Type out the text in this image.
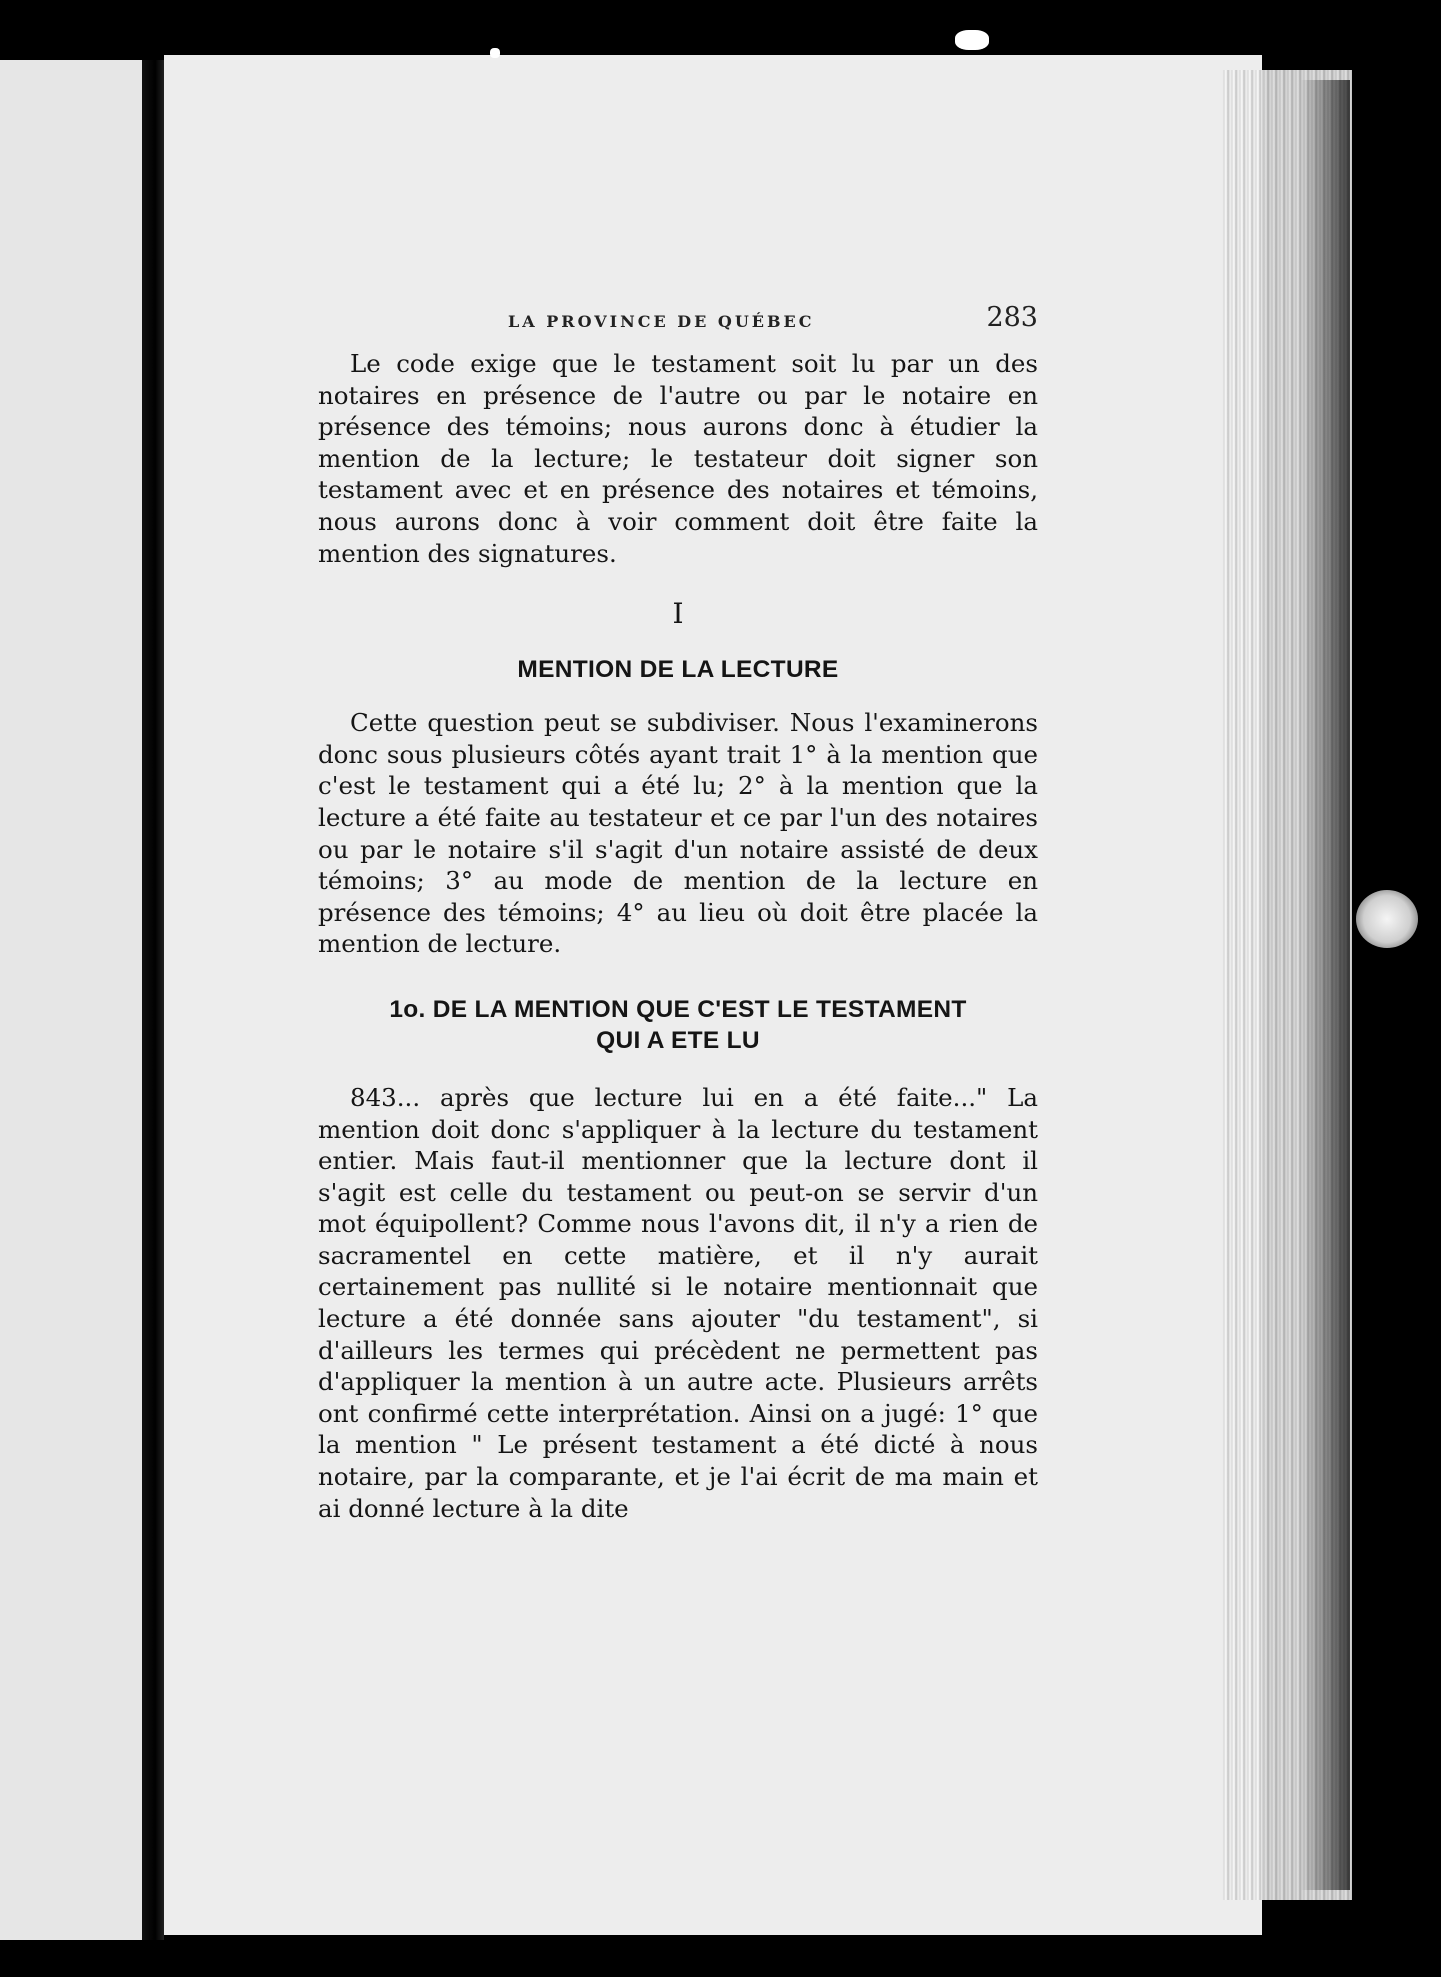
LA PROVINCE DE QUÉBEC	283

Le code exige que le testament soit lu par un des notaires en présence de l'autre ou par le notaire en présence des témoins; nous aurons donc à étudier la mention de la lecture; le testateur doit signer son testament avec et en présence des notaires et témoins, nous aurons donc à voir comment doit être faite la mention des signatures.

I
MENTION DE LA LECTURE

Cette question peut se subdiviser. Nous l'examinerons donc sous plusieurs côtés ayant trait 1° à la mention que c'est le testament qui a été lu; 2° à la mention que la lecture a été faite au testateur et ce par l'un des notaires ou par le notaire s'il s'agit d'un notaire assisté de deux témoins; 3° au mode de mention de la lecture en présence des témoins; 4° au lieu où doit être placée la mention de lecture.

1o. DE LA MENTION QUE C'EST LE TESTAMENT
QUI A ETE LU

843... après que lecture lui en a été faite..." La mention doit donc s'appliquer à la lecture du testament entier. Mais faut-il mentionner que la lecture dont il s'agit est celle du testament ou peut-on se servir d'un mot équipollent? Comme nous l'avons dit, il n'y a rien de sacramentel en cette matière, et il n'y aurait certainement pas nullité si le notaire mentionnait que lecture a été donnée sans ajouter "du testament", si d'ailleurs les termes qui précèdent ne permettent pas d'appliquer la mention à un autre acte. Plusieurs arrêts ont confirmé cette interprétation. Ainsi on a jugé: 1° que la mention " Le présent testament a été dicté à nous notaire, par la comparante, et je l'ai écrit de ma main et ai donné lecture à la dite
